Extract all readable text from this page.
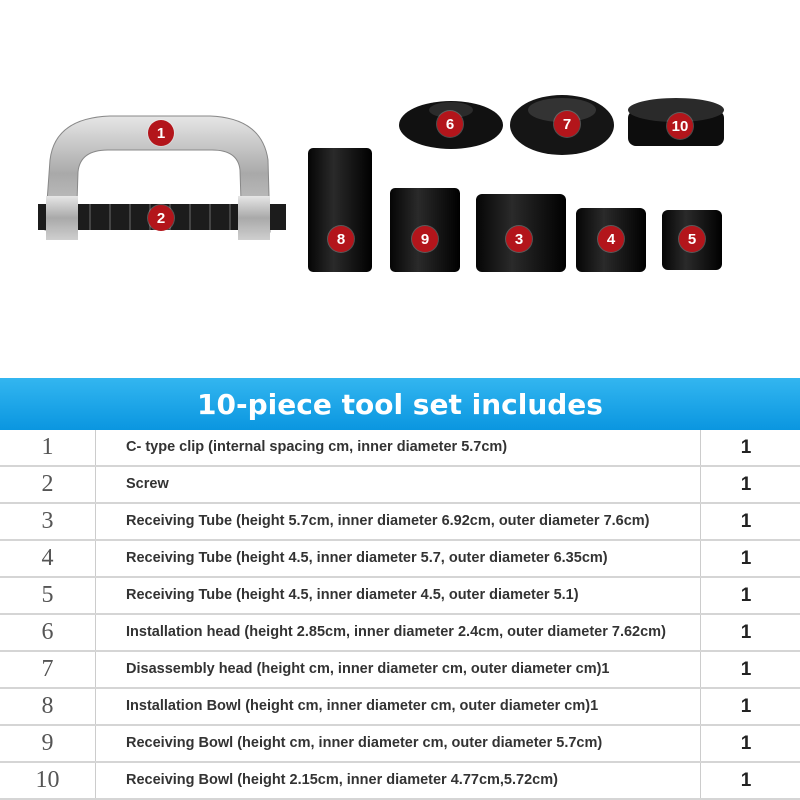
1
2
3	4	5
6	7
8	9
10
10-piece tool set includes
1	C- type clip (internal spacing cm, inner diameter 5.7cm)	1
2	Screw	1
3	Receiving Tube (height 5.7cm, inner diameter 6.92cm, outer diameter 7.6cm)	1
4	Receiving Tube (height 4.5, inner diameter 5.7, outer diameter 6.35cm)	1
5	Receiving Tube (height 4.5, inner diameter 4.5, outer diameter 5.1)	1
6	Installation head (height 2.85cm, inner diameter 2.4cm, outer diameter 7.62cm)	1
7	Disassembly head (height cm, inner diameter cm, outer diameter cm)1	1
8	Installation Bowl (height cm, inner diameter cm, outer diameter cm)1	1
9	Receiving Bowl (height cm, inner diameter cm, outer diameter 5.7cm)	1
10	Receiving Bowl (height 2.15cm, inner diameter 4.77cm,5.72cm)	1
